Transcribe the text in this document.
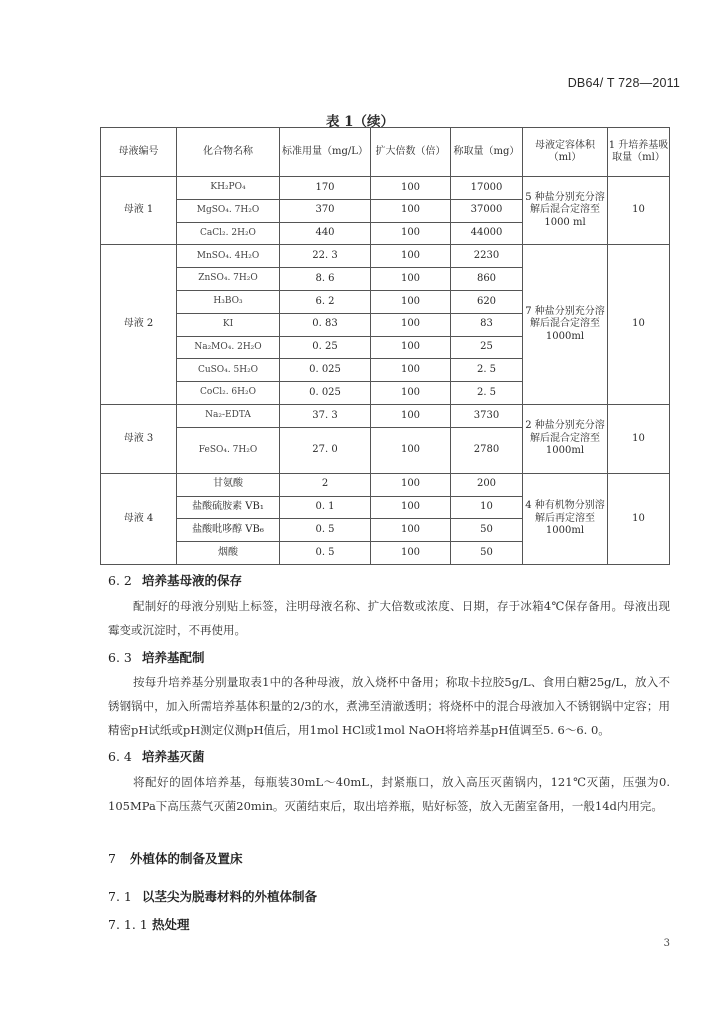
DB64/ T 728—2011
表 1（续）
母液编号	化合物名称	标准用量（mg/L）	扩大倍数（倍）	称取量（mg）	母液定容体积（ml）	1 升培养基吸取量（ml）
母液 1	KH₂PO₄	170	100	17000	5 种盐分别充分溶解后混合定溶至 1000 ml	10
	MgSO₄. 7H₂O	370	100	37000		
	CaCl₂. 2H₂O	440	100	44000		
母液 2	MnSO₄. 4H₂O	22. 3	100	2230	7 种盐分别充分溶解后混合定溶至 1000ml	10
	ZnSO₄. 7H₂O	8. 6	100	860		
	H₃BO₃	6. 2	100	620		
	KI	0. 83	100	83		
	Na₂MO₄. 2H₂O	0. 25	100	25		
	CuSO₄. 5H₂O	0. 025	100	2. 5		
	CoCl₂. 6H₂O	0. 025	100	2. 5		
母液 3	Na₂-EDTA	37. 3	100	3730	2 种盐分别充分溶解后混合定溶至 1000ml	10
	FeSO₄. 7H₂O	27. 0	100	2780		
母液 4	甘氨酸	2	100	200	4 种有机物分别溶解后再定溶至 1000ml	10
	盐酸硫胺素 VB₁	0. 1	100	10		
	盐酸吡哆醇 VB₆	0. 5	100	50		
	烟酸	0. 5	100	50		
6. 2 培养基母液的保存
配制好的母液分别贴上标签，注明母液名称、扩大倍数或浓度、日期，存于冰箱4℃保存备用。母液出现霉变或沉淀时，不再使用。
6. 3 培养基配制
按每升培养基分别量取表1中的各种母液，放入烧杯中备用；称取卡拉胶5g/L、食用白糖25g/L，放入不锈钢锅中，加入所需培养基体积量的2/3的水，煮沸至清澈透明；将烧杯中的混合母液加入不锈钢锅中定容；用精密pH试纸或pH测定仪测pH值后，用1mol HCl或1mol NaOH将培养基pH值调至5. 6～6. 0。
6. 4 培养基灭菌
将配好的固体培养基，每瓶装30mL～40mL，封紧瓶口，放入高压灭菌锅内，121℃灭菌，压强为0. 105MPa下高压蒸气灭菌20min。灭菌结束后，取出培养瓶，贴好标签，放入无菌室备用，一般14d内用完。
7 外植体的制备及置床
7. 1 以茎尖为脱毒材料的外植体制备
7. 1. 1 热处理
3
